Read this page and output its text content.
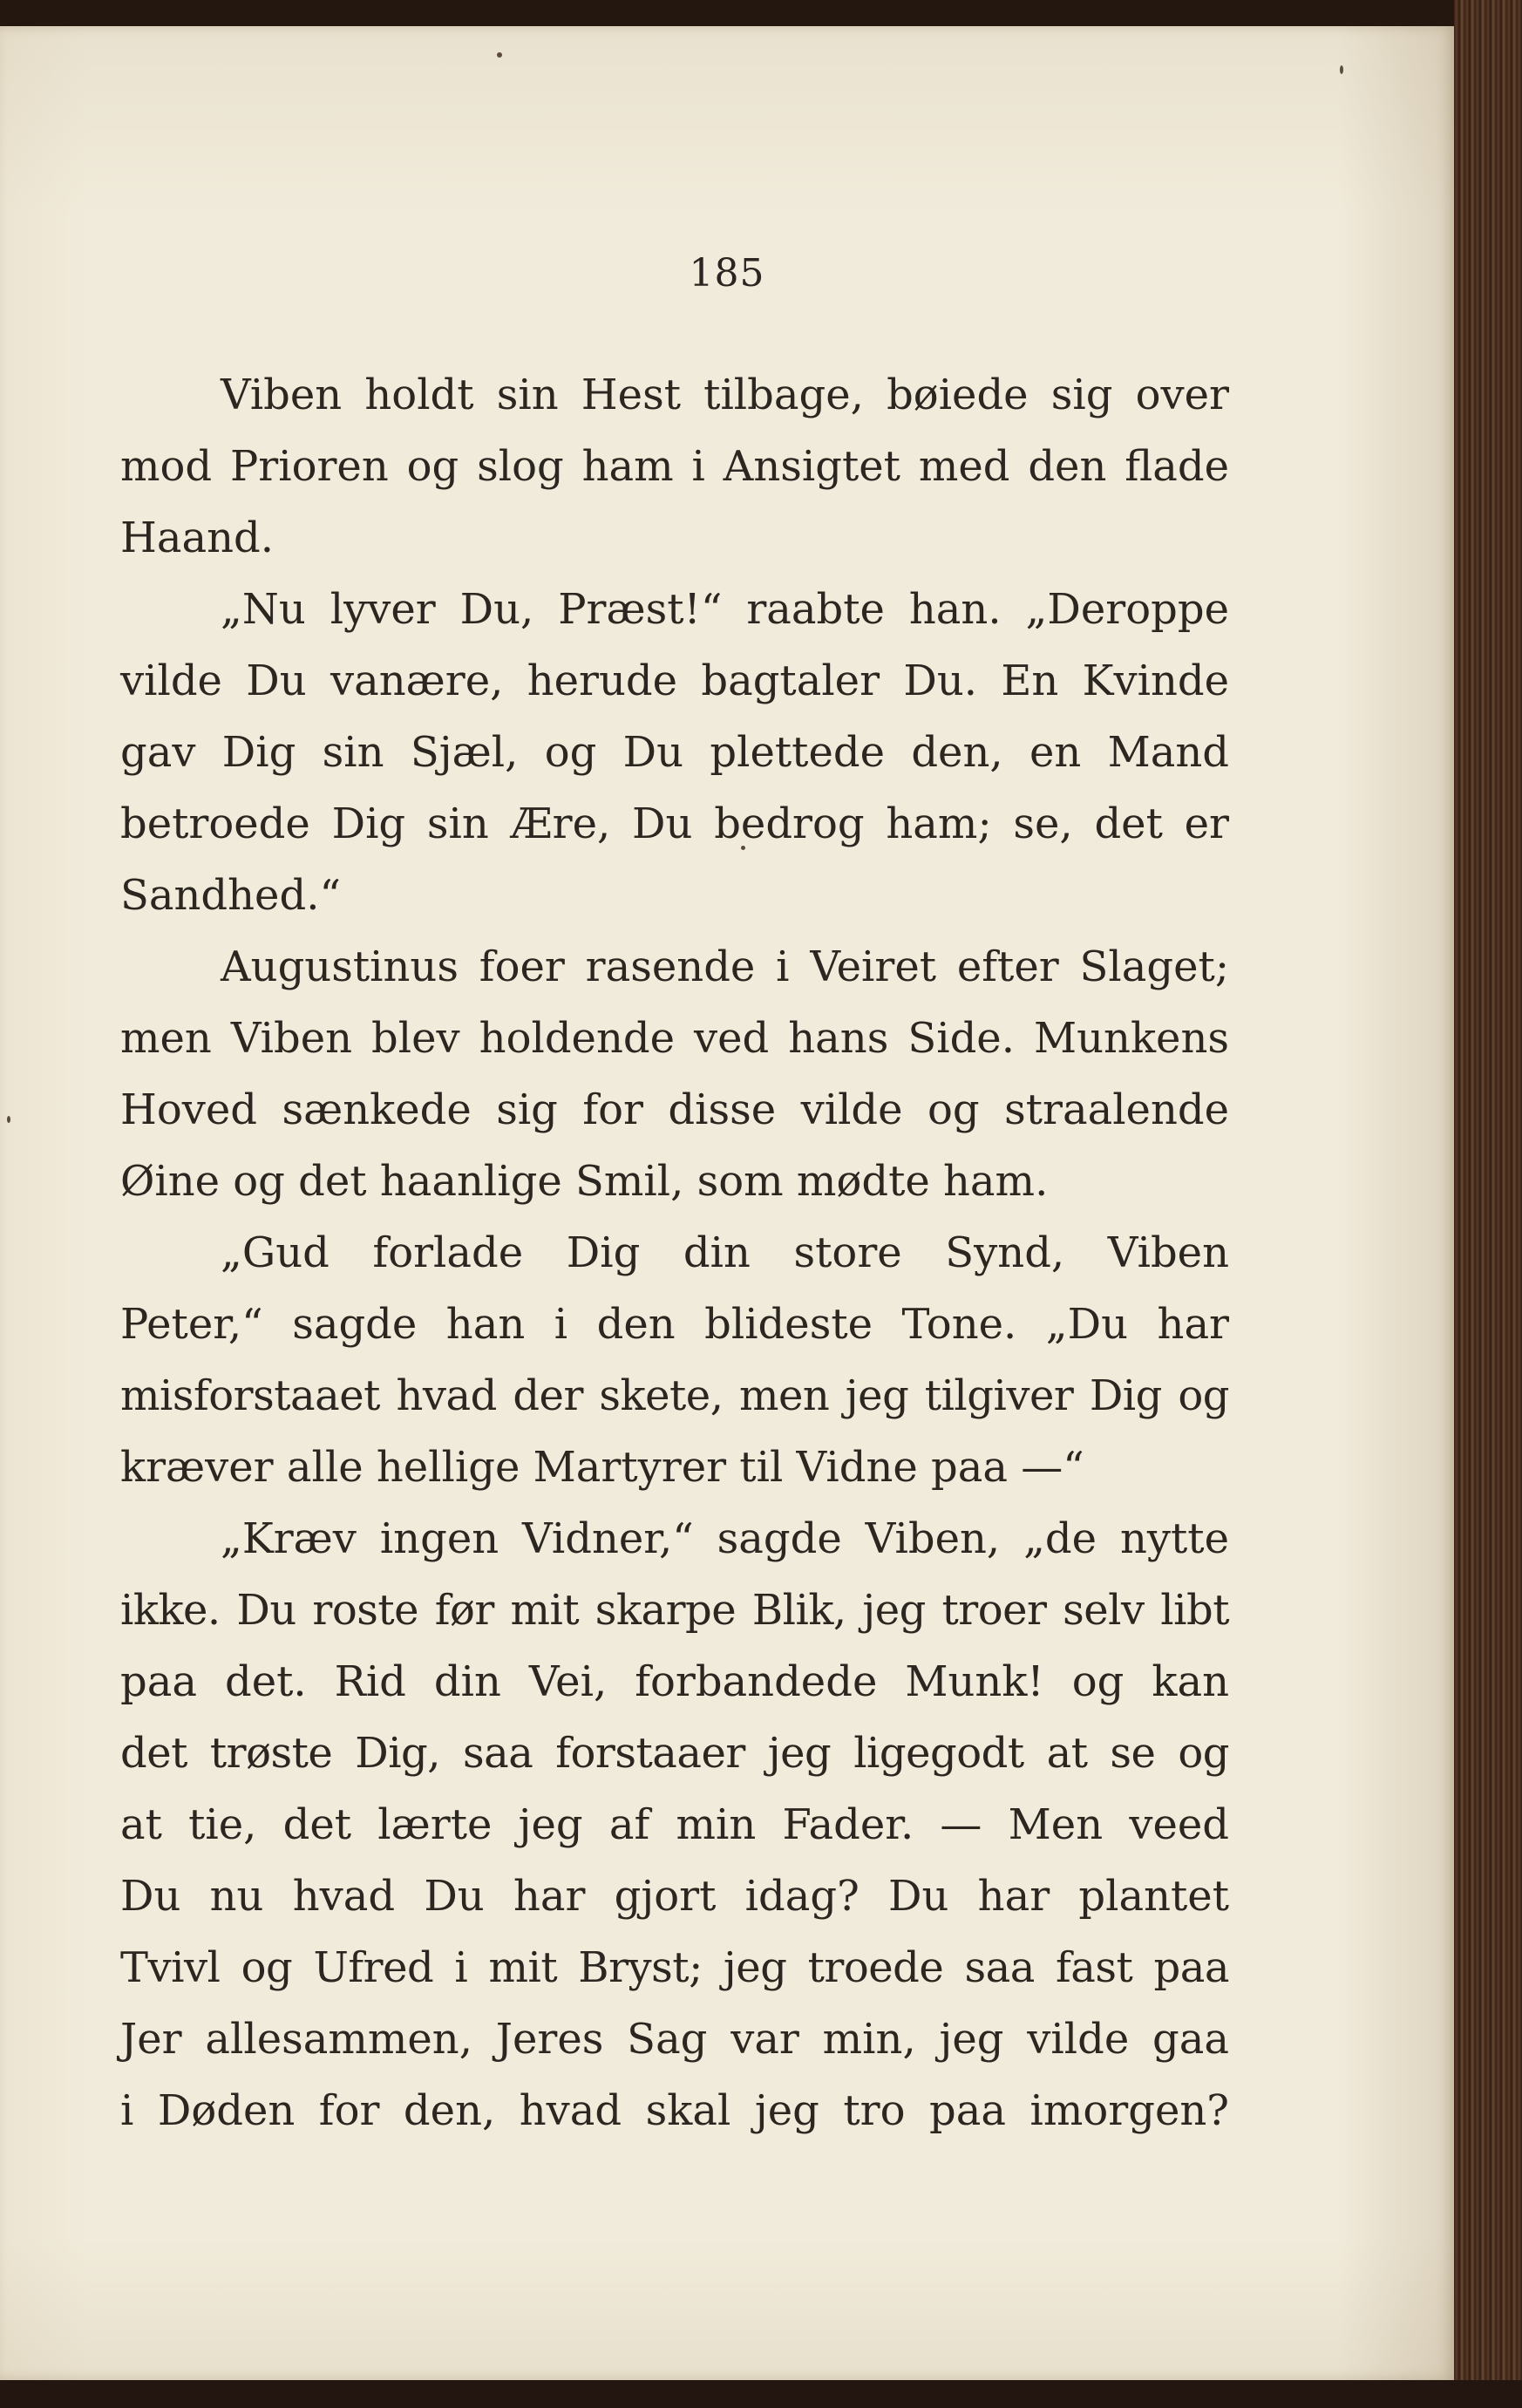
185
Viben holdt sin Hest tilbage, bøiede sig over
mod Prioren og slog ham i Ansigtet med den flade
Haand.
„Nu lyver Du, Præst!“ raabte han. „Deroppe
vilde Du vanære, herude bagtaler Du. En Kvinde
gav Dig sin Sjæl, og Du plettede den, en Mand
betroede Dig sin Ære, Du bedrog ham; se, det er
Sandhed.“
Augustinus foer rasende i Veiret efter Slaget;
men Viben blev holdende ved hans Side. Munkens
Hoved sænkede sig for disse vilde og straalende
Øine og det haanlige Smil, som mødte ham.
„Gud forlade Dig din store Synd, Viben
Peter,“ sagde han i den blideste Tone. „Du har
misforstaaet hvad der skete, men jeg tilgiver Dig og
kræver alle hellige Martyrer til Vidne paa —“
„Kræv ingen Vidner,“ sagde Viben, „de nytte
ikke. Du roste før mit skarpe Blik, jeg troer selv libt
paa det. Rid din Vei, forbandede Munk! og kan
det trøste Dig, saa forstaaer jeg ligegodt at se og
at tie, det lærte jeg af min Fader. — Men veed
Du nu hvad Du har gjort idag? Du har plantet
Tvivl og Ufred i mit Bryst; jeg troede saa fast paa
Jer allesammen, Jeres Sag var min, jeg vilde gaa
i Døden for den, hvad skal jeg tro paa imorgen?
